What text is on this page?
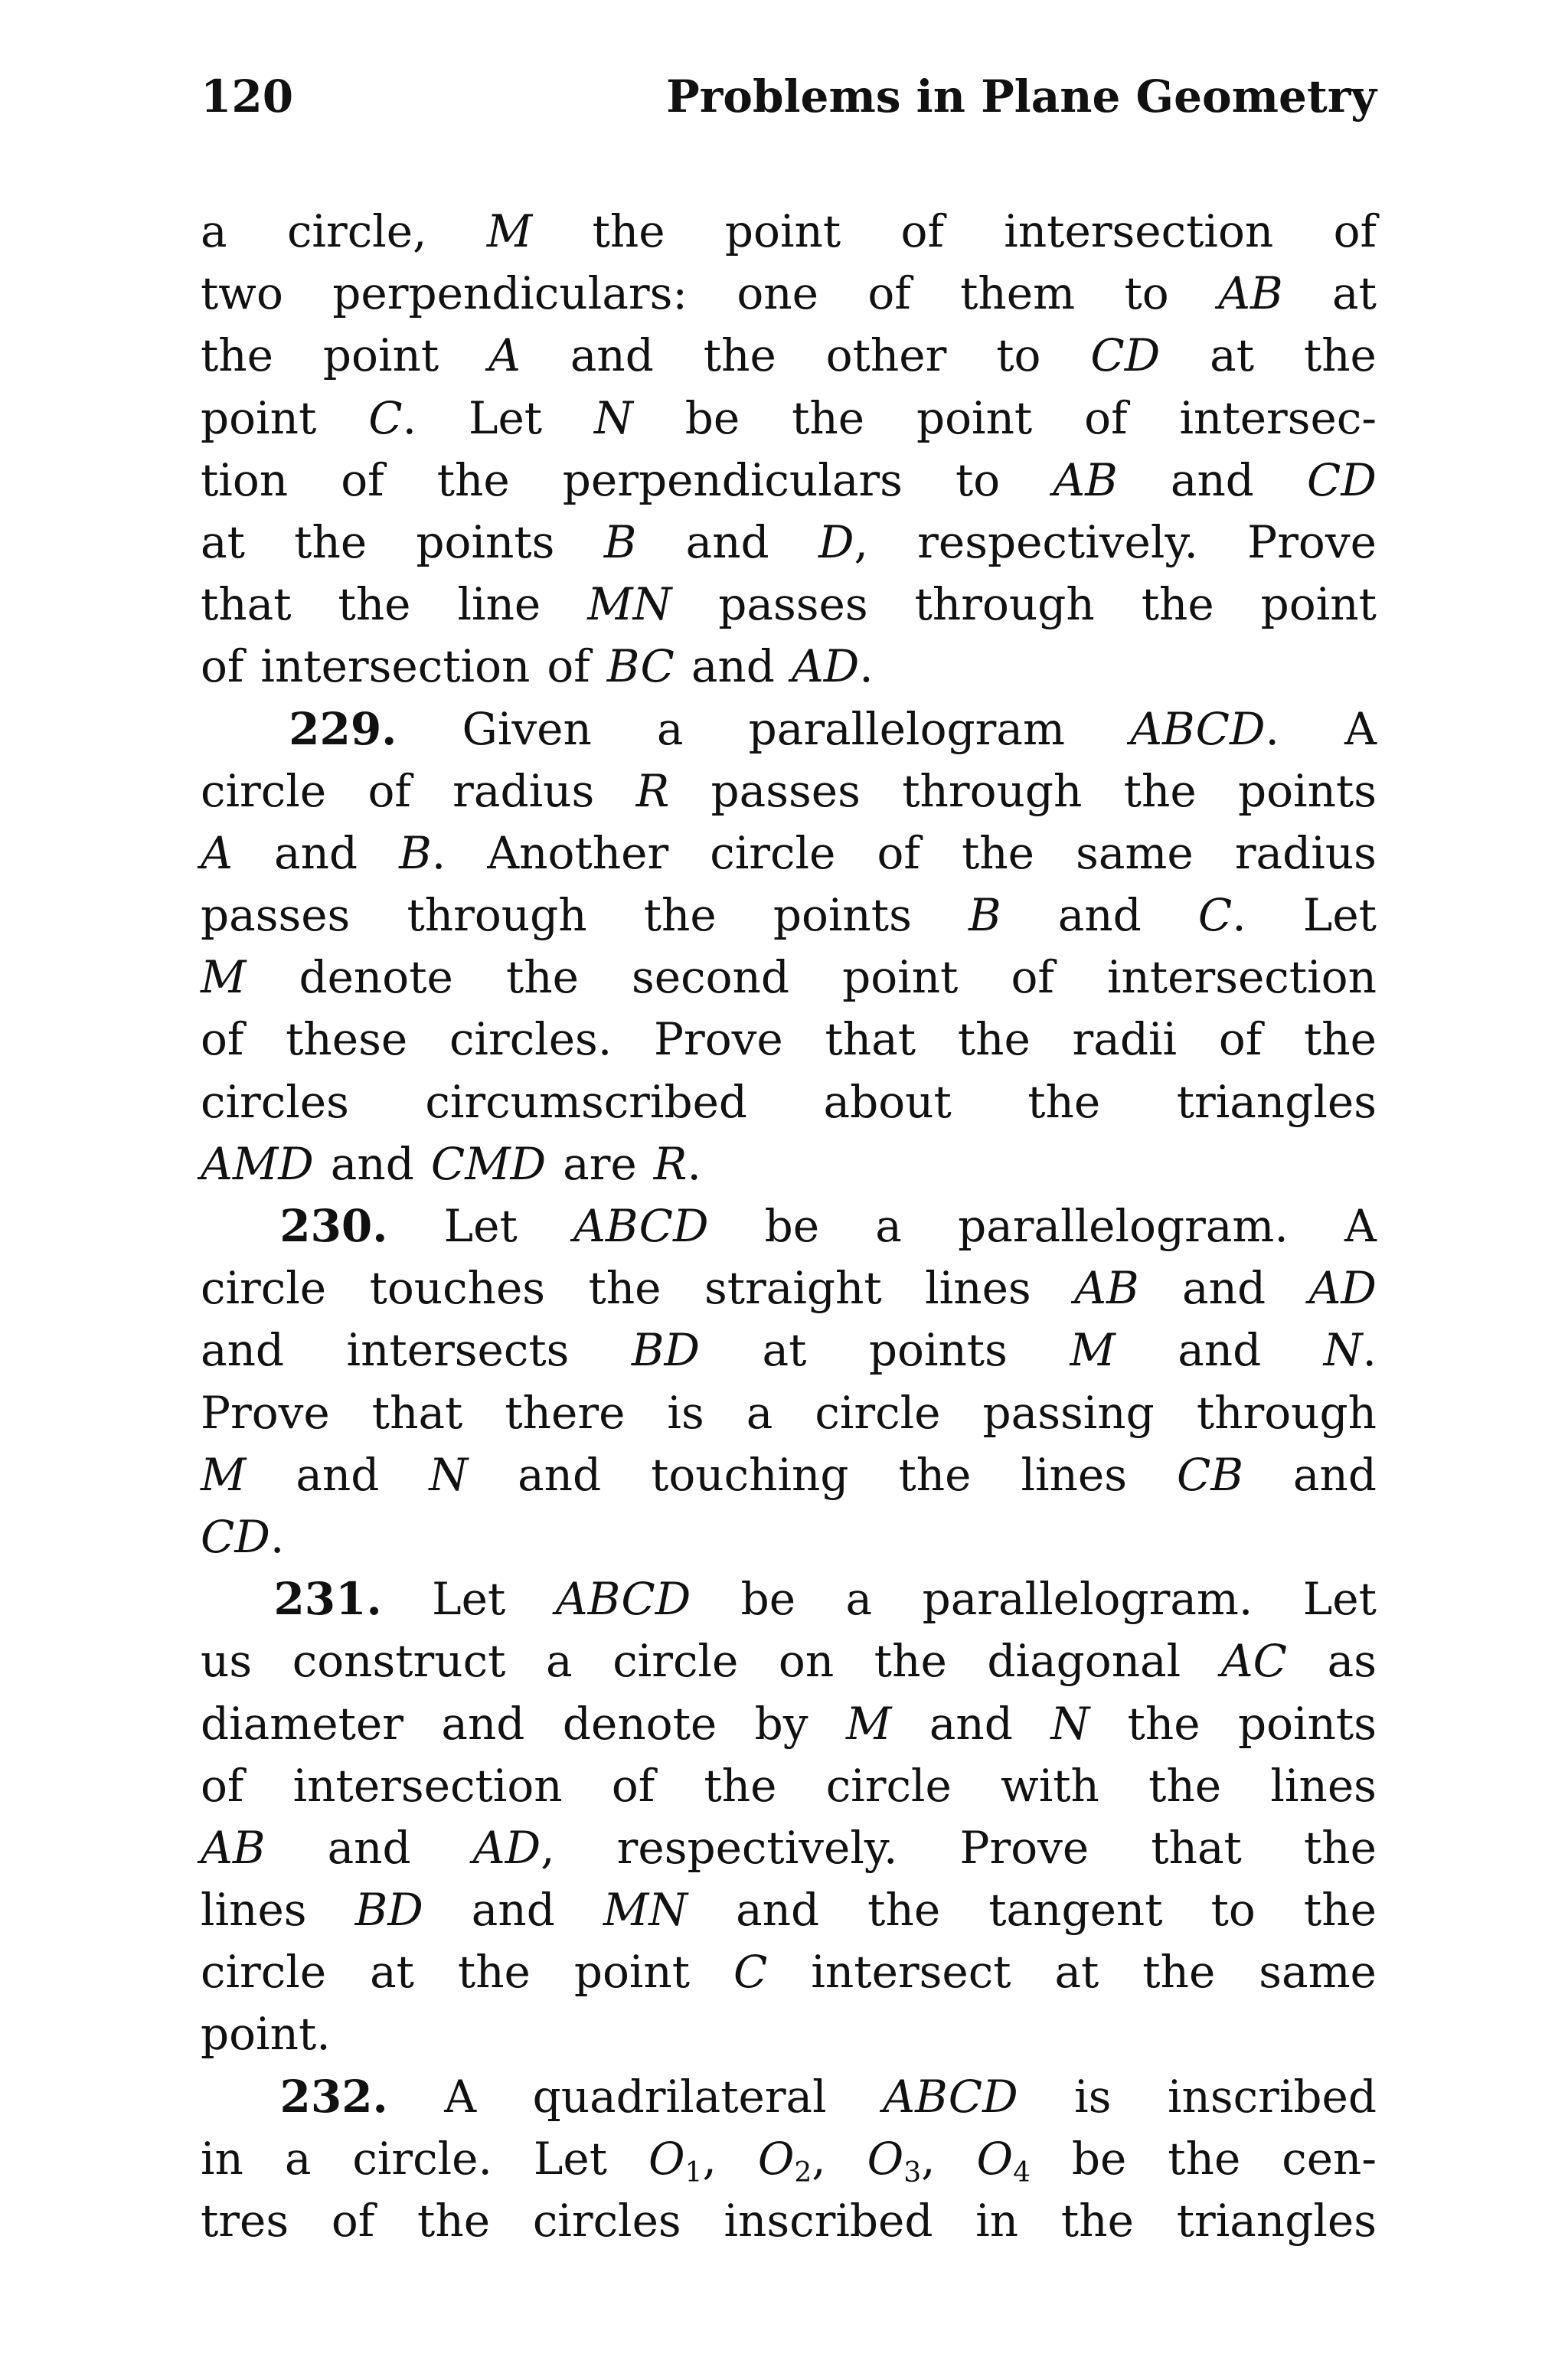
120	Problems in Plane Geometry
a circle, M the point of intersection of
two perpendiculars: one of them to AB at
the point A and the other to CD at the
point C. Let N be the point of intersec-
tion of the perpendiculars to AB and CD
at the points B and D, respectively. Prove
that the line MN passes through the point
of intersection of BC and AD.
229. Given a parallelogram ABCD. A
circle of radius R passes through the points
A and B. Another circle of the same radius
passes through the points B and C. Let
M denote the second point of intersection
of these circles. Prove that the radii of the
circles circumscribed about the triangles
AMD and CMD are R.
230. Let ABCD be a parallelogram. A
circle touches the straight lines AB and AD
and intersects BD at points M and N.
Prove that there is a circle passing through
M and N and touching the lines CB and
CD.
231. Let ABCD be a parallelogram. Let
us construct a circle on the diagonal AC as
diameter and denote by M and N the points
of intersection of the circle with the lines
AB and AD, respectively. Prove that the
lines BD and MN and the tangent to the
circle at the point C intersect at the same
point.
232. A quadrilateral ABCD is inscribed
in a circle. Let $O_1$, $O_2$, $O_3$, $O_4$ be the cen-
tres of the circles inscribed in the triangles
